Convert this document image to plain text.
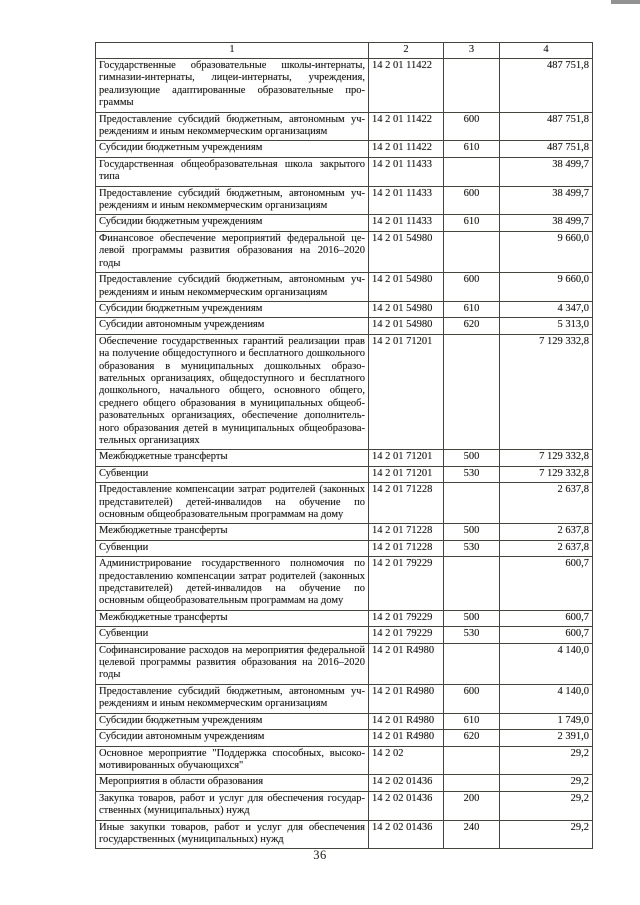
1	2	3	4
Государственные образовательные школы-интернаты, гимназии-интернаты, лицеи-интернаты, учреждения, реализующие адаптированные образовательные программы	14 2 01 11422		487 751,8
Предоставление субсидий бюджетным, автономным учреждениям и иным некоммерческим организациям	14 2 01 11422	600	487 751,8
Субсидии бюджетным учреждениям	14 2 01 11422	610	487 751,8
Государственная общеобразовательная школа закрытого типа	14 2 01 11433		38 499,7
Предоставление субсидий бюджетным, автономным учреждениям и иным некоммерческим организациям	14 2 01 11433	600	38 499,7
Субсидии бюджетным учреждениям	14 2 01 11433	610	38 499,7
Финансовое обеспечение мероприятий федеральной целевой программы развития образования на 2016–2020 годы	14 2 01 54980		9 660,0
Предоставление субсидий бюджетным, автономным учреждениям и иным некоммерческим организациям	14 2 01 54980	600	9 660,0
Субсидии бюджетным учреждениям	14 2 01 54980	610	4 347,0
Субсидии автономным учреждениям	14 2 01 54980	620	5 313,0
Обеспечение государственных гарантий реализации прав на получение общедоступного и бесплатного дошкольного образования в муниципальных дошкольных образовательных организациях, общедоступного и бесплатного дошкольного, начального общего, основного общего, среднего общего образования в муниципальных общеобразовательных организациях, обеспечение дополнительного образования детей в муниципальных общеобразовательных организациях	14 2 01 71201		7 129 332,8
Межбюджетные трансферты	14 2 01 71201	500	7 129 332,8
Субвенции	14 2 01 71201	530	7 129 332,8
Предоставление компенсации затрат родителей (законных представителей) детей-инвалидов на обучение по основным общеобразовательным программам на дому	14 2 01 71228		2 637,8
Межбюджетные трансферты	14 2 01 71228	500	2 637,8
Субвенции	14 2 01 71228	530	2 637,8
Администрирование государственного полномочия по предоставлению компенсации затрат родителей (законных представителей) детей-инвалидов на обучение по основным общеобразовательным программам на дому	14 2 01 79229		600,7
Межбюджетные трансферты	14 2 01 79229	500	600,7
Субвенции	14 2 01 79229	530	600,7
Софинансирование расходов на мероприятия федеральной целевой программы развития образования на 2016–2020 годы	14 2 01 R4980		4 140,0
Предоставление субсидий бюджетным, автономным учреждениям и иным некоммерческим организациям	14 2 01 R4980	600	4 140,0
Субсидии бюджетным учреждениям	14 2 01 R4980	610	1 749,0
Субсидии автономным учреждениям	14 2 01 R4980	620	2 391,0
Основное мероприятие "Поддержка способных, высокомотивированных обучающихся"	14 2 02		29,2
Мероприятия в области образования	14 2 02 01436		29,2
Закупка товаров, работ и услуг для обеспечения государственных (муниципальных) нужд	14 2 02 01436	200	29,2
Иные закупки товаров, работ и услуг для обеспечения государственных (муниципальных) нужд	14 2 02 01436	240	29,2
36
